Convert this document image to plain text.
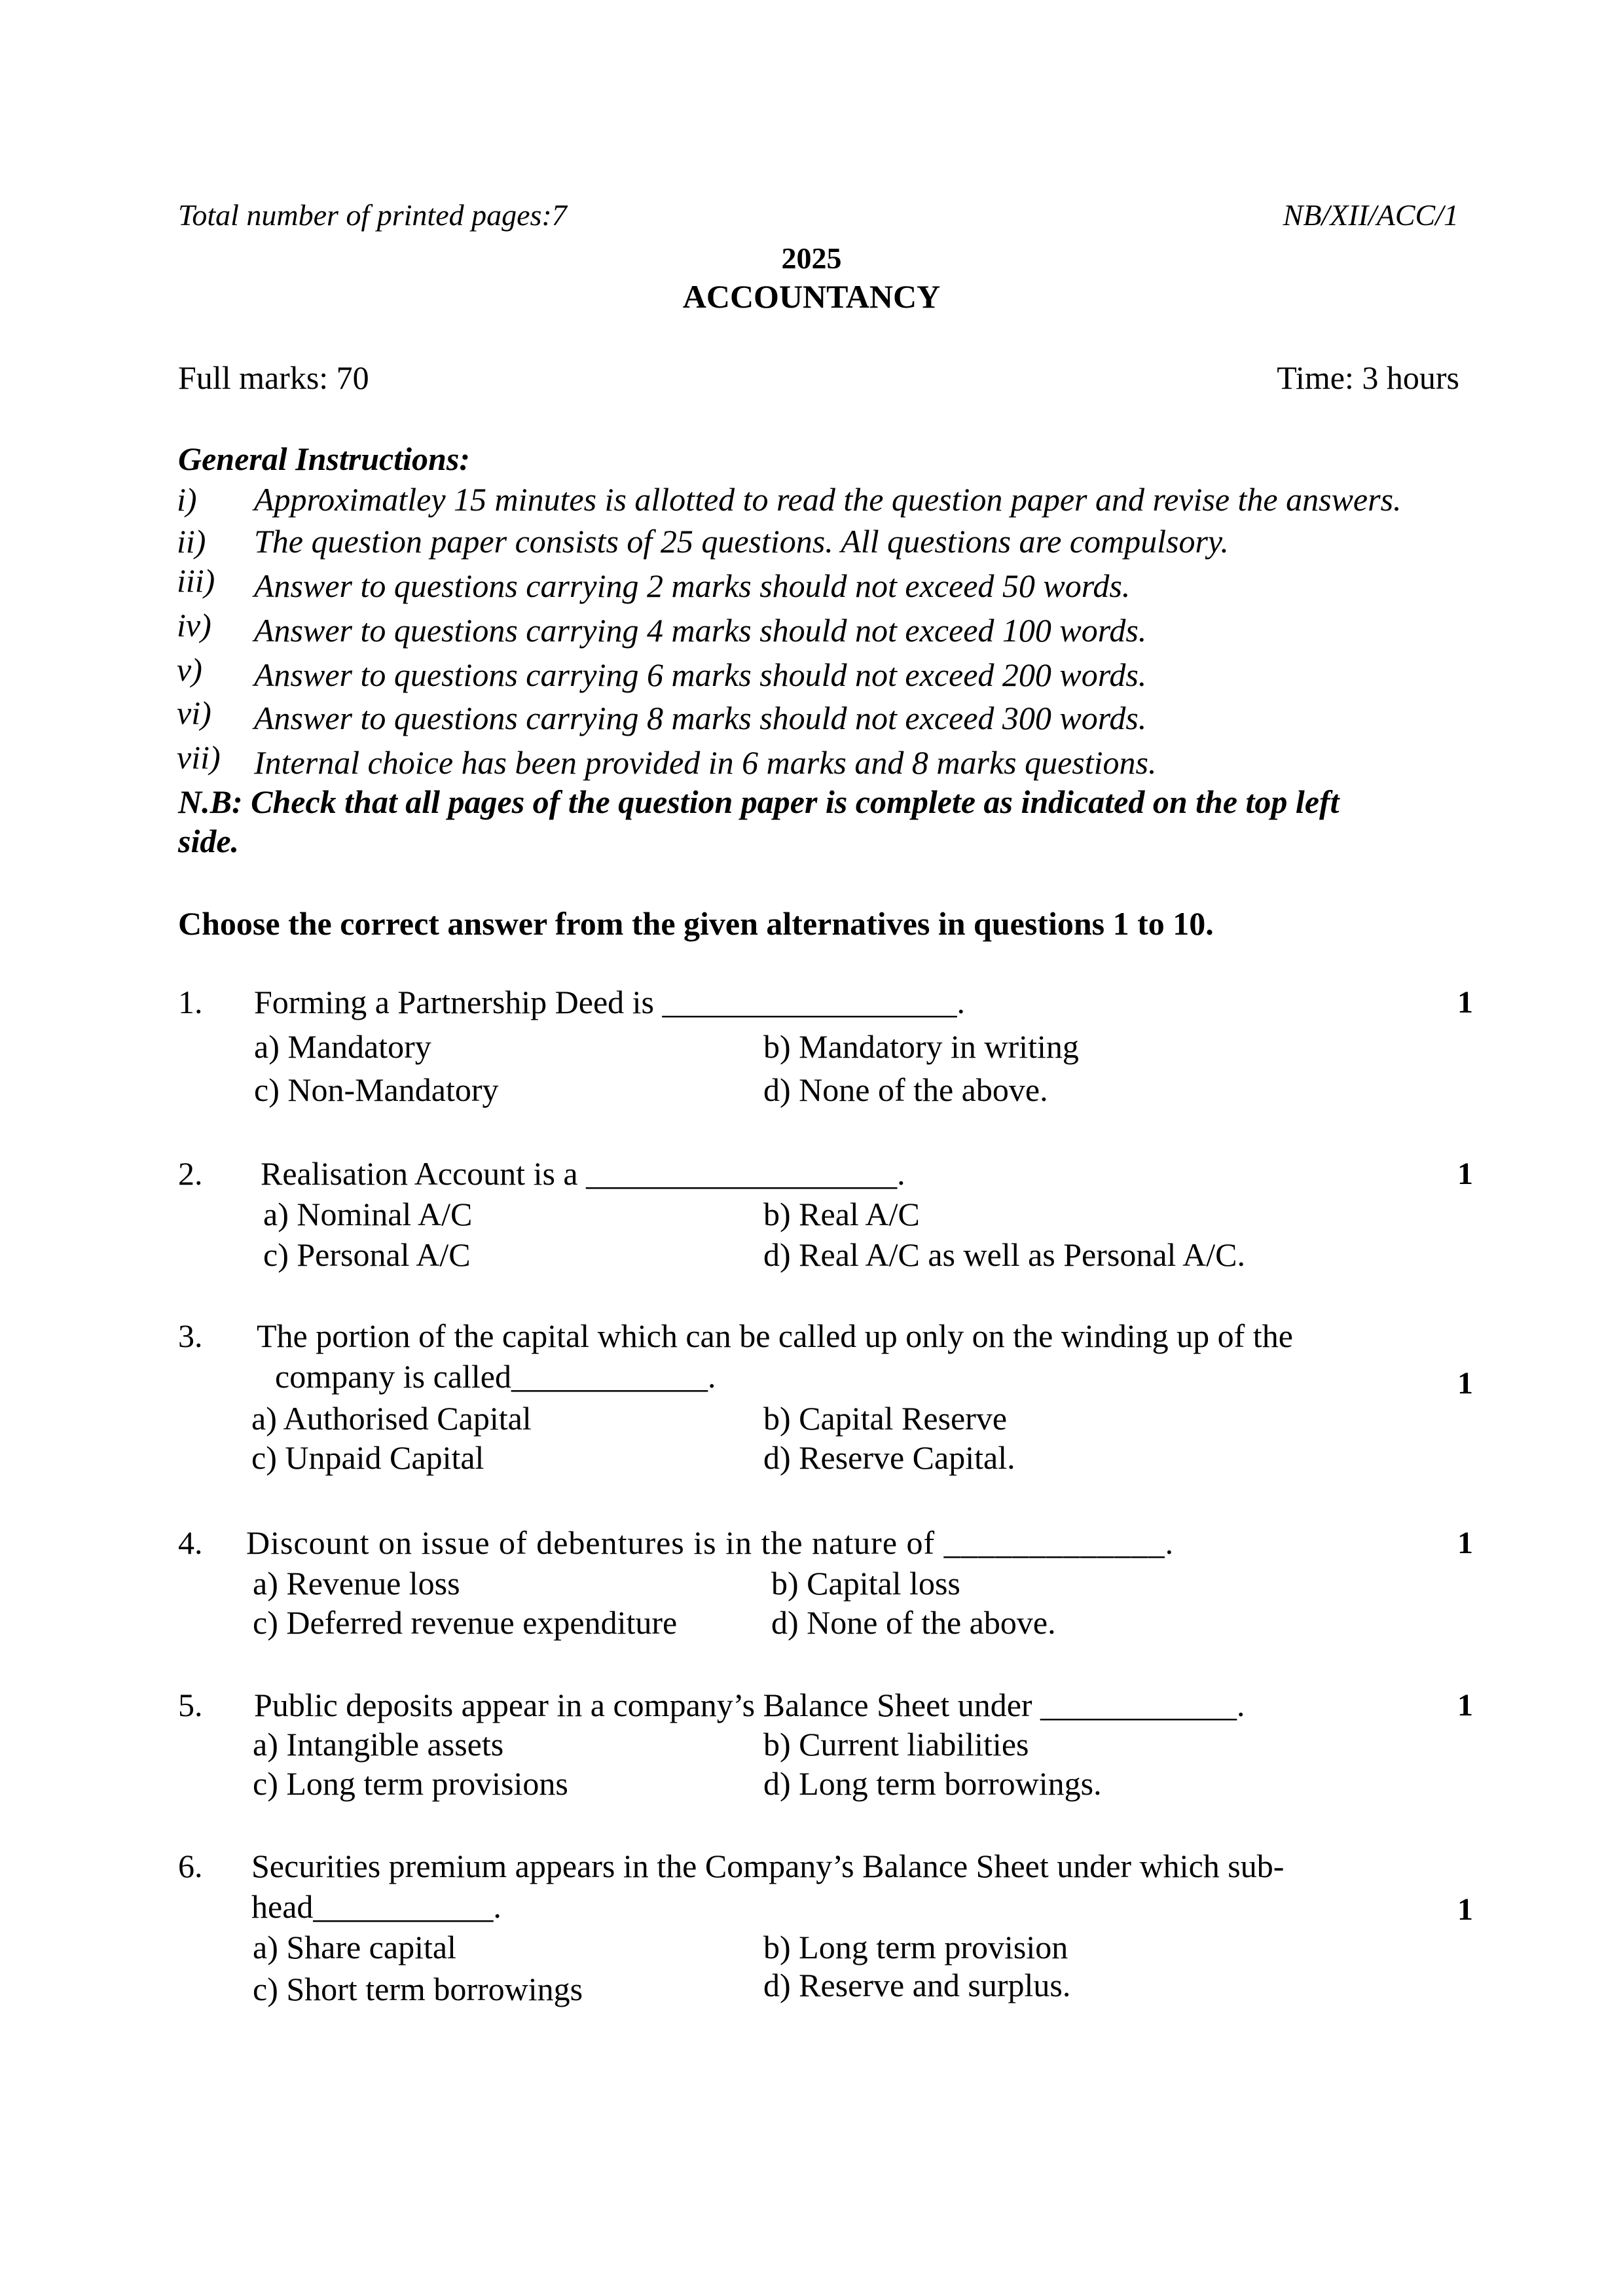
Total number of printed pages:7	NB/XII/ACC/1
2025
ACCOUNTANCY
Full marks: 70	Time: 3 hours
General Instructions:
i) Approximatley 15 minutes is allotted to read the question paper and revise the answers.
ii) The question paper consists of 25 questions. All questions are compulsory.
iii) Answer to questions carrying 2 marks should not exceed 50 words.
iv) Answer to questions carrying 4 marks should not exceed 100 words.
v) Answer to questions carrying 6 marks should not exceed 200 words.
vi) Answer to questions carrying 8 marks should not exceed 300 words.
vii) Internal choice has been provided in 6 marks and 8 marks questions.
N.B: Check that all pages of the question paper is complete as indicated on the top left
side.
Choose the correct answer from the given alternatives in questions 1 to 10.
1. Forming a Partnership Deed is __________________.	1
a) Mandatory	b) Mandatory in writing
c) Non-Mandatory	d) None of the above.
2. Realisation Account is a ___________________.	1
a) Nominal A/C	b) Real A/C
c) Personal A/C	d) Real A/C as well as Personal A/C.
3. The portion of the capital which can be called up only on the winding up of the
company is called____________.	1
a) Authorised Capital	b) Capital Reserve
c) Unpaid Capital	d) Reserve Capital.
4. Discount on issue of debentures is in the nature of _____________.	1
a) Revenue loss	b) Capital loss
c) Deferred revenue expenditure	d) None of the above.
5. Public deposits appear in a company’s Balance Sheet under ____________.	1
a) Intangible assets	b) Current liabilities
c) Long term provisions	d) Long term borrowings.
6. Securities premium appears in the Company’s Balance Sheet under which sub-
head___________.	1
a) Share capital	b) Long term provision
c) Short term borrowings	d) Reserve and surplus.
